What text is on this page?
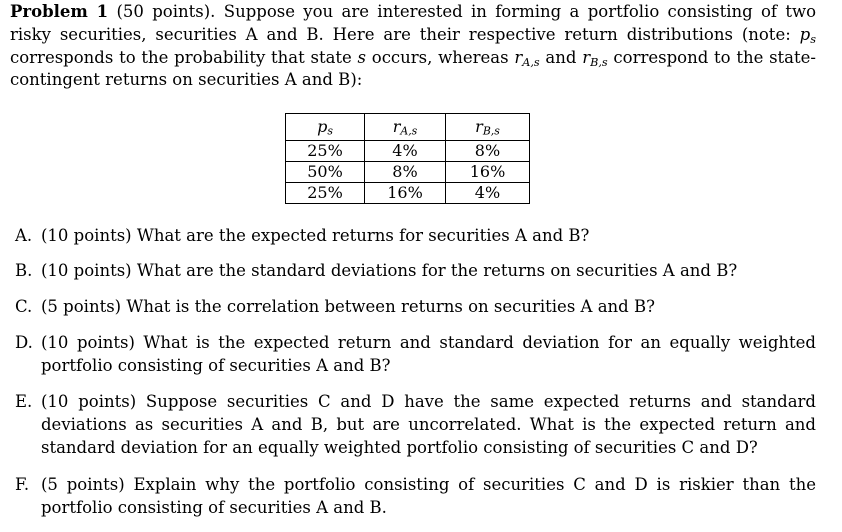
Problem 1 (50 points). Suppose you are interested in forming a portfolio consisting of two risky securities, securities A and B. Here are their respective return distributions (note: $p_s$ corresponds to the probability that state s occurs, whereas $r_{A,s}$ and $r_{B,s}$ correspond to the state-contingent returns on securities A and B):
$p_s$	$r_{A,s}$	$r_{B,s}$
25%	4%	8%
50%	8%	16%
25%	16%	4%
A. (10 points) What are the expected returns for securities A and B?
B. (10 points) What are the standard deviations for the returns on securities A and B?
C. (5 points) What is the correlation between returns on securities A and B?
D. (10 points) What is the expected return and standard deviation for an equally weighted portfolio consisting of securities A and B?
E. (10 points) Suppose securities C and D have the same expected returns and standard deviations as securities A and B, but are uncorrelated. What is the expected return and standard deviation for an equally weighted portfolio consisting of securities C and D?
F. (5 points) Explain why the portfolio consisting of securities C and D is riskier than the portfolio consisting of securities A and B.
